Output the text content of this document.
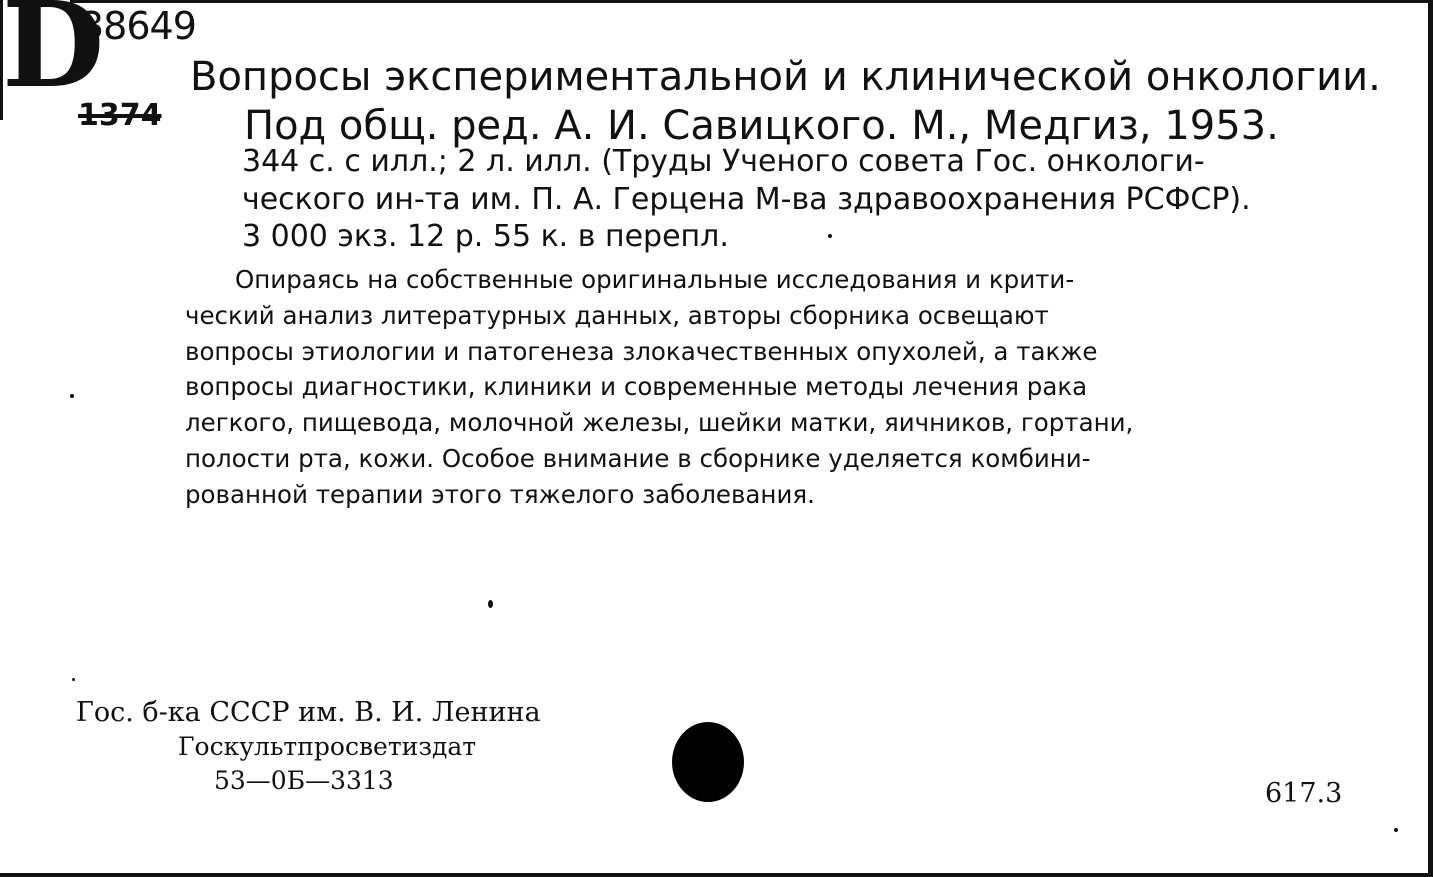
D
38649
1374
Вопросы экспериментальной и клинической онкологии.
Под общ. ред. А. И. Савицкого. М., Медгиз, 1953.
344 с. с илл.; 2 л. илл. (Труды Ученого совета Гос. онкологи-
ческого ин-та им. П. А. Герцена М-ва здравоохранения РСФСР).
3 000 экз. 12 р. 55 к. в перепл.
Опираясь на собственные оригинальные исследования и крити-
ческий анализ литературных данных, авторы сборника освещают
вопросы этиологии и патогенеза злокачественных опухолей, а также
вопросы диагностики, клиники и современные методы лечения рака
легкого, пищевода, молочной железы, шейки матки, яичников, гортани,
полости рта, кожи. Особое внимание в сборнике уделяется комбини-
рованной терапии этого тяжелого заболевания.
Гос. б-ка СССР им. В. И. Ленина
Госкультпросветиздат
53—0Б—3313	617.3
